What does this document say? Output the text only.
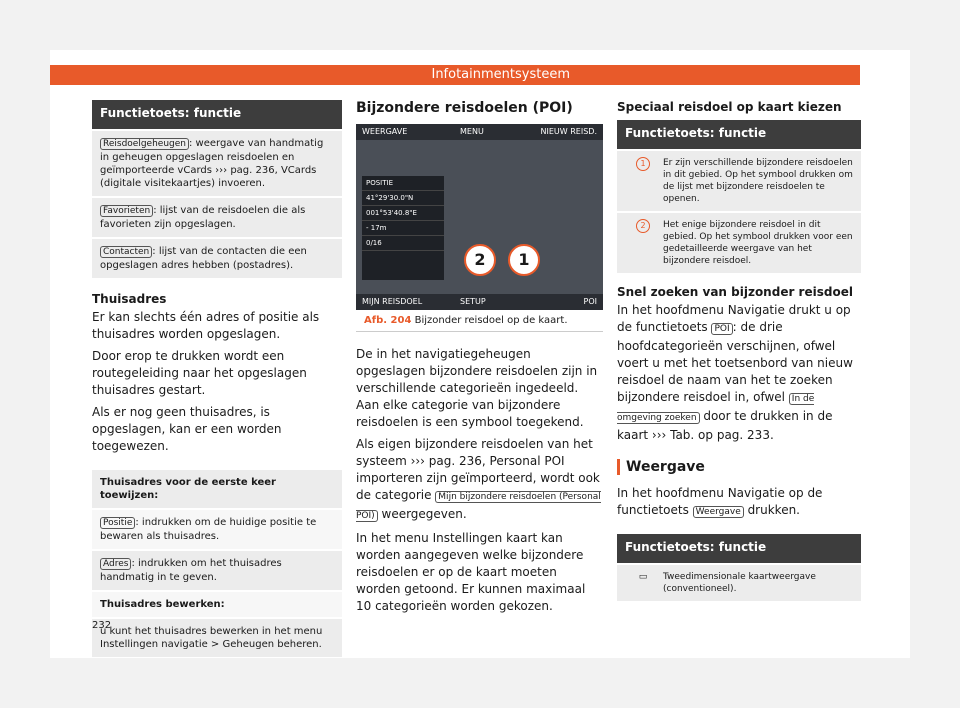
Infotainmentsysteem
Functietoets: functie
Reisdoelgeheugen : weergave van handmatig in geheugen opgeslagen reisdoelen en geïmporteerde vCards ››› pag. 236, VCards (digitale visitekaartjes) invoeren.
Favorieten : lijst van de reisdoelen die als favorieten zijn opgeslagen.
Contacten : lijst van de contacten die een opgeslagen adres hebben (postadres).
Thuisadres

Er kan slechts één adres of positie als thuisadres worden opgeslagen.

Door erop te drukken wordt een routegeleiding naar het opgeslagen thuisadres gestart.

Als er nog geen thuisadres, is opgeslagen, kan er een worden toegewezen.

Thuisadres voor de eerste keer toewijzen:
Positie : indrukken om de huidige positie te bewaren als thuisadres.
Adres : indrukken om het thuisadres handmatig in te geven.
Thuisadres bewerken:
u kunt het thuisadres bewerken in het menu Instellingen navigatie > Geheugen beheren.
Bijzondere reisdoelen (POI)
WEERGAVE	MENU	NIEUW REISD.
POSITIE
41°29'30.0"N
001°53'40.8"E
- 17m
0/16
2	1
MIJN REISDOEL	SETUP	POI
Afb. 204 Bijzonder reisdoel op de kaart.

De in het navigatiegeheugen opgeslagen bijzondere reisdoelen zijn in verschillende categorieën ingedeeld. Aan elke categorie van bijzondere reisdoelen is een symbool toegekend.

Als eigen bijzondere reisdoelen van het systeem ››› pag. 236, Personal POI importeren zijn geïmporteerd, wordt ook de categorie Mijn bijzondere reisdoelen (Personal POI) weergegeven.

In het menu Instellingen kaart kan worden aangegeven welke bijzondere reisdoelen er op de kaart moeten worden getoond. Er kunnen maximaal 10 categorieën worden gekozen.

Speciaal reisdoel op kaart kiezen
Functietoets: functie
1	Er zijn verschillende bijzondere reisdoelen in dit gebied. Op het symbool drukken om de lijst met bijzondere reisdoelen te openen.
2	Het enige bijzondere reisdoel in dit gebied. Op het symbool drukken voor een gedetailleerde weergave van het bijzondere reisdoel.
Snel zoeken van bijzonder reisdoel

In het hoofdmenu Navigatie drukt u op de functietoets POI : de drie hoofdcategorieën verschijnen, ofwel voert u met het toetsenbord van nieuw reisdoel de naam van het te zoeken bijzondere reisdoel in, ofwel In de omgeving zoeken door te drukken in de kaart ››› Tab. op pag. 233.

Weergave

In het hoofdmenu Navigatie op de functietoets Weergave drukken.

Functietoets: functie
▭	Tweedimensionale kaartweergave (conventioneel).
232
